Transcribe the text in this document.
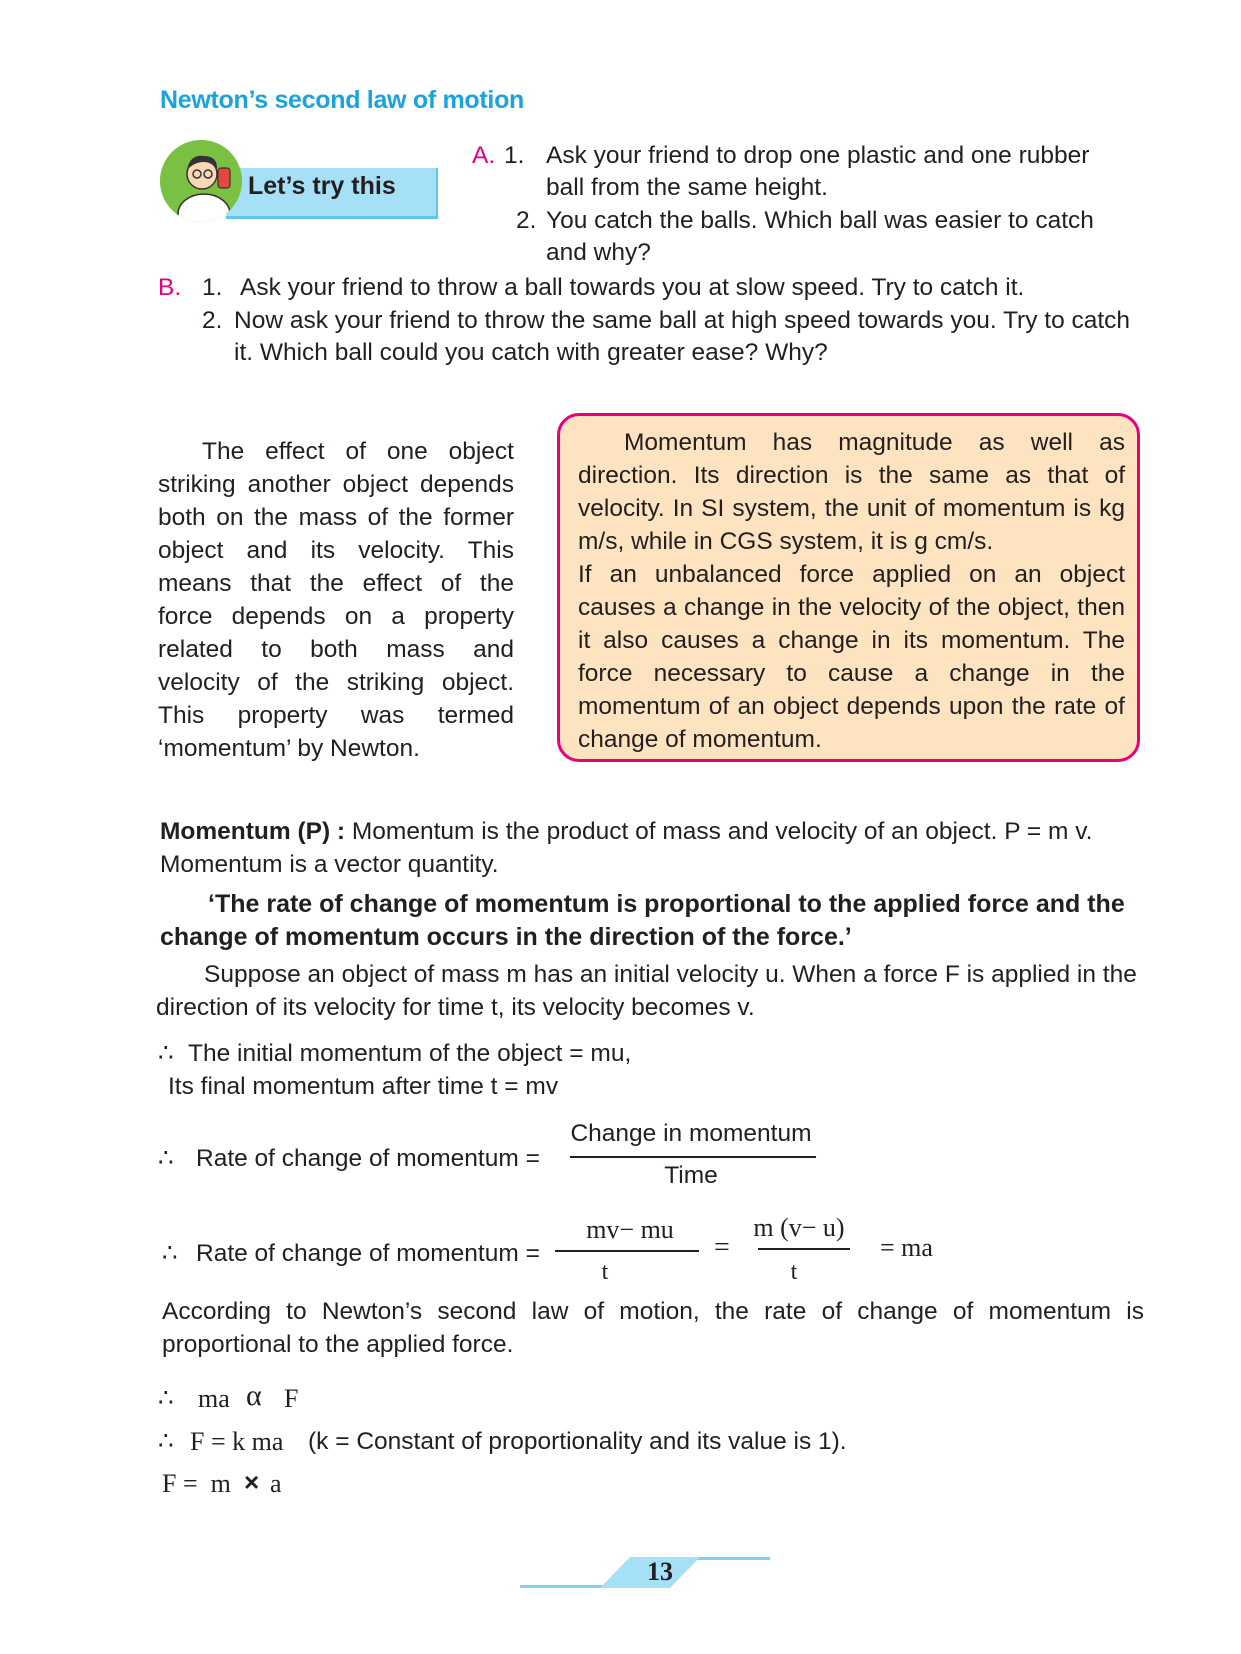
Newton’s second law of motion
Let’s try this
A. 1. Ask your friend to drop one plastic and one rubber
ball from the same height.
2. You catch the balls. Which ball was easier to catch
and why?
B. 1. Ask your friend to throw a ball towards you at slow speed. Try to catch it.
2. Now ask your friend to throw the same ball at high speed towards you. Try to catch
it. Which ball could you catch with greater ease? Why?
The effect of one object striking another object depends both on the mass of the former object and its velocity. This means that the effect of the force depends on a property related to both mass and velocity of the striking object. This property was termed ‘momentum’ by Newton.
Momentum has magnitude as well as direction. Its direction is the same as that of velocity. In SI system, the unit of momentum is kg m/s, while in CGS system, it is g cm/s.
If an unbalanced force applied on an object causes a change in the velocity of the object, then it also causes a change in its momentum. The force necessary to cause a change in the momentum of an object depends upon the rate of change of momentum.
Momentum (P) : Momentum is the product of mass and velocity of an object. P = m v. Momentum is a vector quantity.
‘The rate of change of momentum is proportional to the applied force and the change of momentum occurs in the direction of the force.’
Suppose an object of mass m has an initial velocity u. When a force F is applied in the direction of its velocity for time t, its velocity becomes v.
∴ The initial momentum of the object = mu,
Its final momentum after time t = mv
∴ Rate of change of momentum =
Change in momentum
Time
∴ Rate of change of momentum =
mv− mu
t
=
m (v− u)
t
= ma
According to Newton’s second law of motion, the rate of change of momentum is proportional to the applied force.
∴ ma α F
∴ F = k ma (k = Constant of proportionality and its value is 1).
F =  m × a
13
